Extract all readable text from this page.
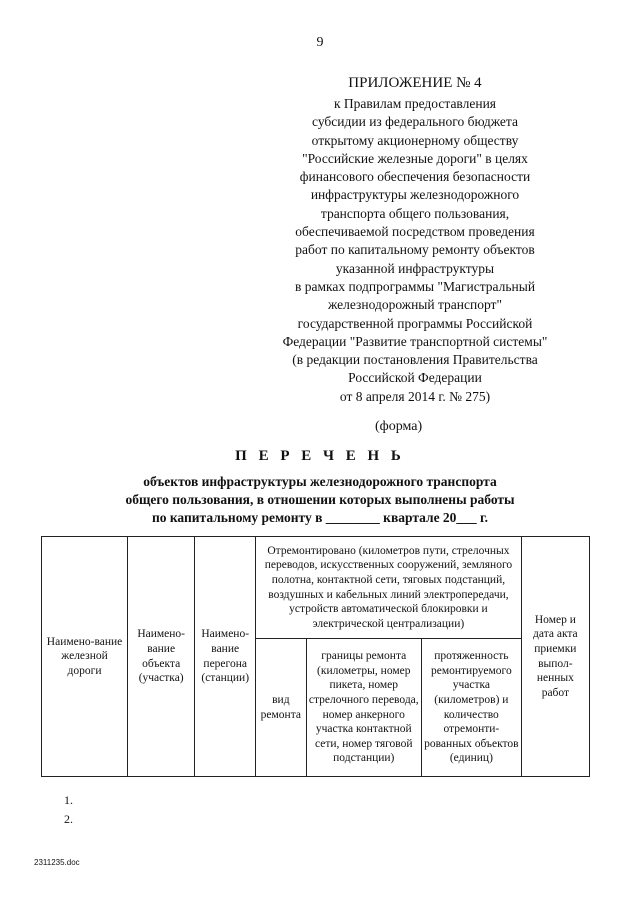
9
ПРИЛОЖЕНИЕ № 4
к Правилам предоставления
субсидии из федерального бюджета
открытому акционерному обществу
"Российские железные дороги" в целях
финансового обеспечения безопасности
инфраструктуры железнодорожного
транспорта общего пользования,
обеспечиваемой посредством проведения
работ по капитальному ремонту объектов
указанной инфраструктуры
в рамках подпрограммы "Магистральный
железнодорожный транспорт"
государственной программы Российской
Федерации "Развитие транспортной системы"
(в редакции постановления Правительства
Российской Федерации
от 8 апреля 2014 г. № 275)
(форма)
П Е Р Е Ч Е Н Ь
объектов инфраструктуры железнодорожного транспорта
общего пользования, в отношении которых выполнены работы
по капитальному ремонту в ________ квартале 20___ г.
Наимено-вание железной дороги	Наимено-вание объекта (участка)	Наимено-вание перегона (станции)	Отремонтировано (километров пути, стрелочных переводов, искусственных сооружений, земляного полотна, контактной сети, тяговых подстанций, воздушных и кабельных линий электропередачи, устройств автоматической блокировки и электрической централизации)			Номер и дата акта приемки выпол-ненных работ
			вид ремонта	границы ремонта (километры, номер пикета, номер стрелочного перевода, номер анкерного участка контактной сети, номер тяговой подстанции)	протяженность ремонтируемого участка (километров) и количество отремонти-рованных объектов (единиц)	
1.
2.
2311235.doc
